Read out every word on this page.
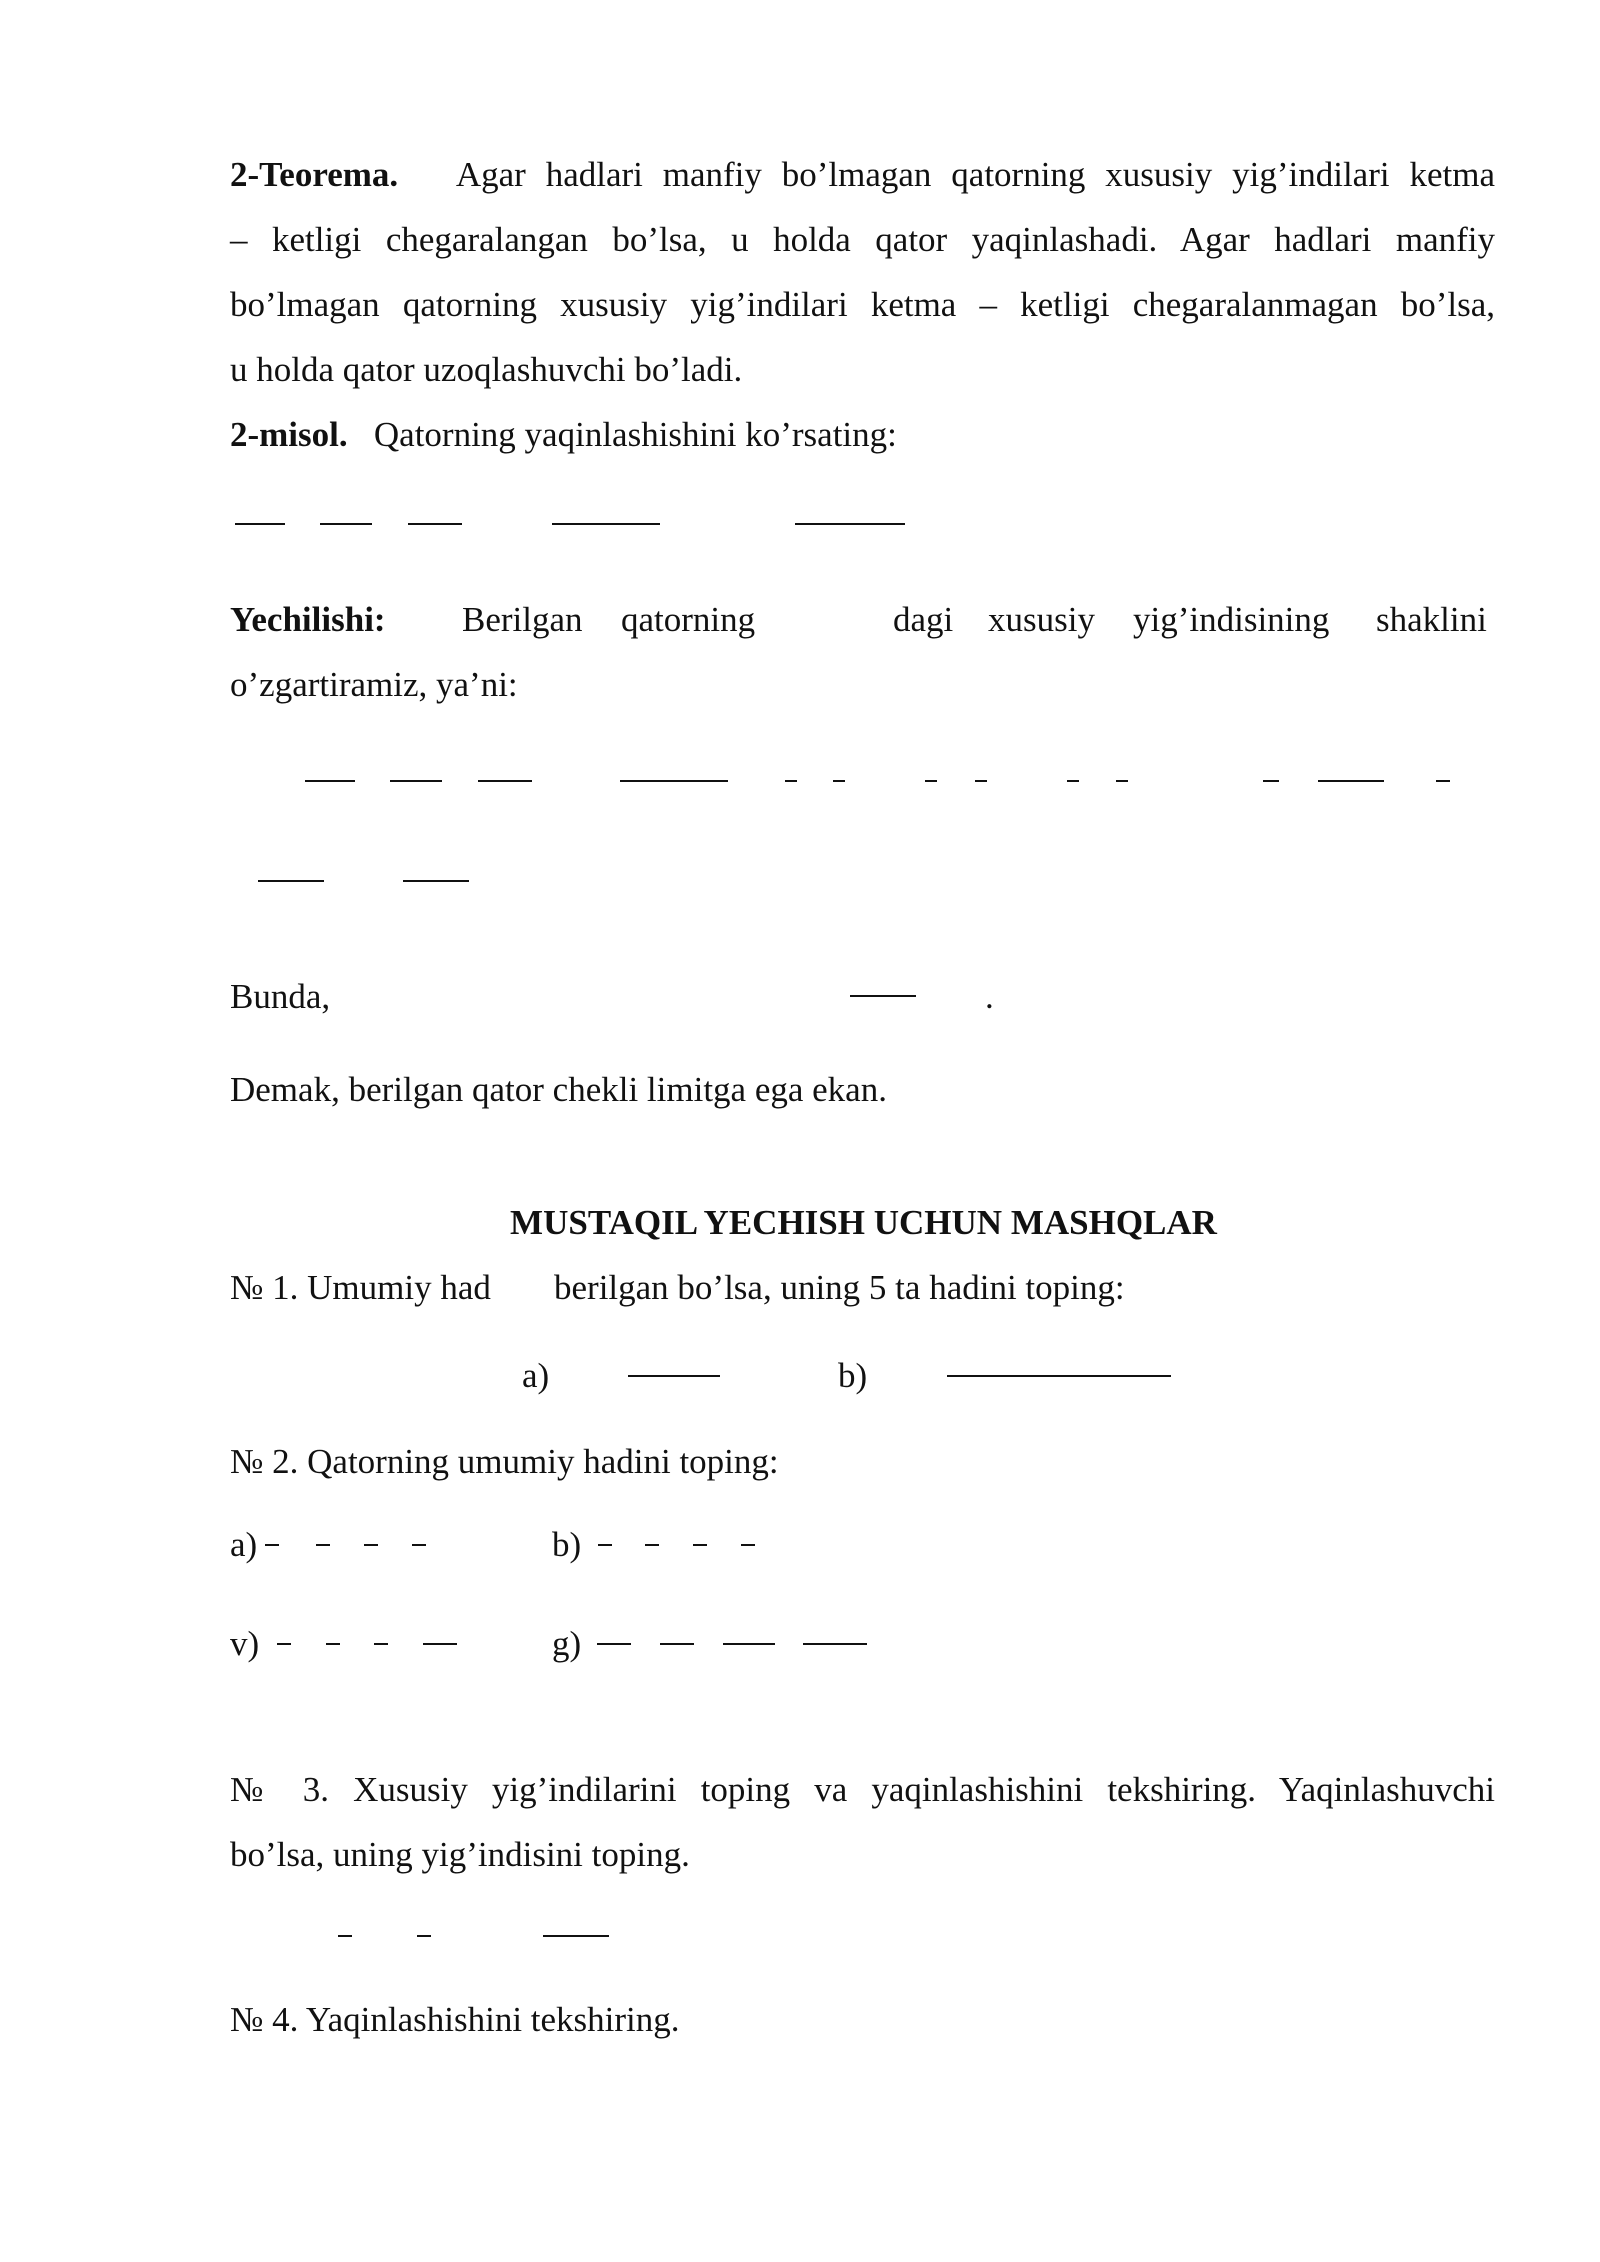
2-Teorema. Agar hadlari manfiy bo’lmagan qatorning xususiy yig’indilari ketma
– ketligi chegaralangan bo’lsa, u holda qator yaqinlashadi. Agar hadlari manfiy
bo’lmagan qatorning xususiy yig’indilari ketma – ketligi chegaralanmagan bo’lsa,
u holda qator uzoqlashuvchi bo’ladi.
2-misol. Qatorning yaqinlashishini ko’rsating:
Yechilishi: Berilgan qatorning	dagi xususiy yig’indisining shaklini
o’zgartiramiz, ya’ni:
Bunda,	.
Demak, berilgan qator chekli limitga ega ekan.
MUSTAQIL YECHISH UCHUN MASHQLAR
№ 1. Umumiy had berilgan bo’lsa, uning 5 ta hadini toping:
a)	b)
№ 2. Qatorning umumiy hadini toping:
a)	b)
v)	g)
№ 3. Xususiy yig’indilarini toping va yaqinlashishini tekshiring. Yaqinlashuvchi
bo’lsa, uning yig’indisini toping.
№ 4. Yaqinlashishini tekshiring.
